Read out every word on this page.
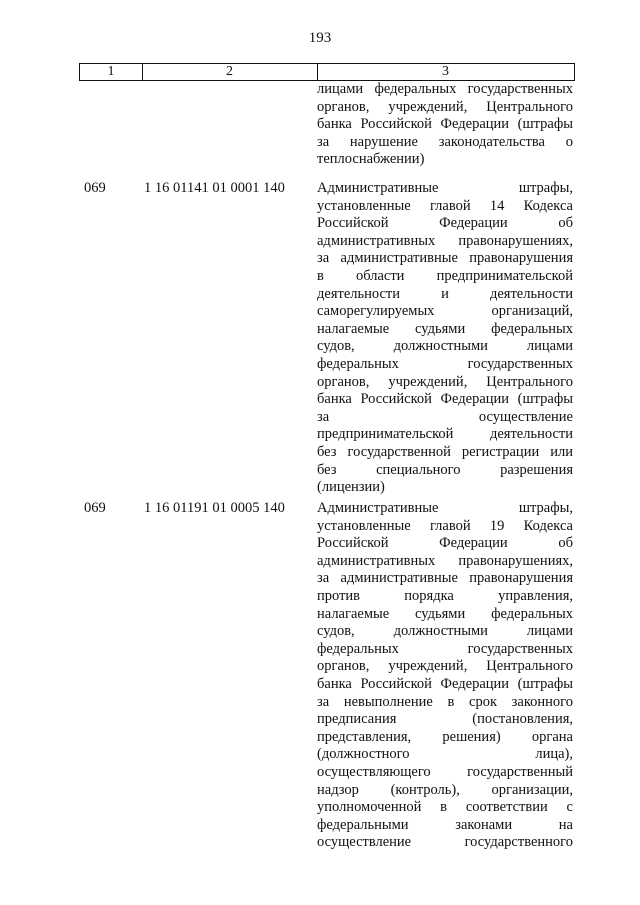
193
1	2	3
лицами федеральных государственных
органов, учреждений, Центрального
банка Российской Федерации (штрафы
за нарушение законодательства о
теплоснабжении)
069	1 16 01141 01 0001 140	Административные штрафы,
установленные главой 14 Кодекса
Российской Федерации об
административных правонарушениях,
за административные правонарушения
в области предпринимательской
деятельности и деятельности
саморегулируемых организаций,
налагаемые судьями федеральных
судов, должностными лицами
федеральных государственных
органов, учреждений, Центрального
банка Российской Федерации (штрафы
за осуществление
предпринимательской деятельности
без государственной регистрации или
без специального разрешения
(лицензии)
069	1 16 01191 01 0005 140	Административные штрафы,
установленные главой 19 Кодекса
Российской Федерации об
административных правонарушениях,
за административные правонарушения
против порядка управления,
налагаемые судьями федеральных
судов, должностными лицами
федеральных государственных
органов, учреждений, Центрального
банка Российской Федерации (штрафы
за невыполнение в срок законного
предписания (постановления,
представления, решения) органа
(должностного лица),
осуществляющего государственный
надзор (контроль), организации,
уполномоченной в соответствии с
федеральными законами на
осуществление государственного
